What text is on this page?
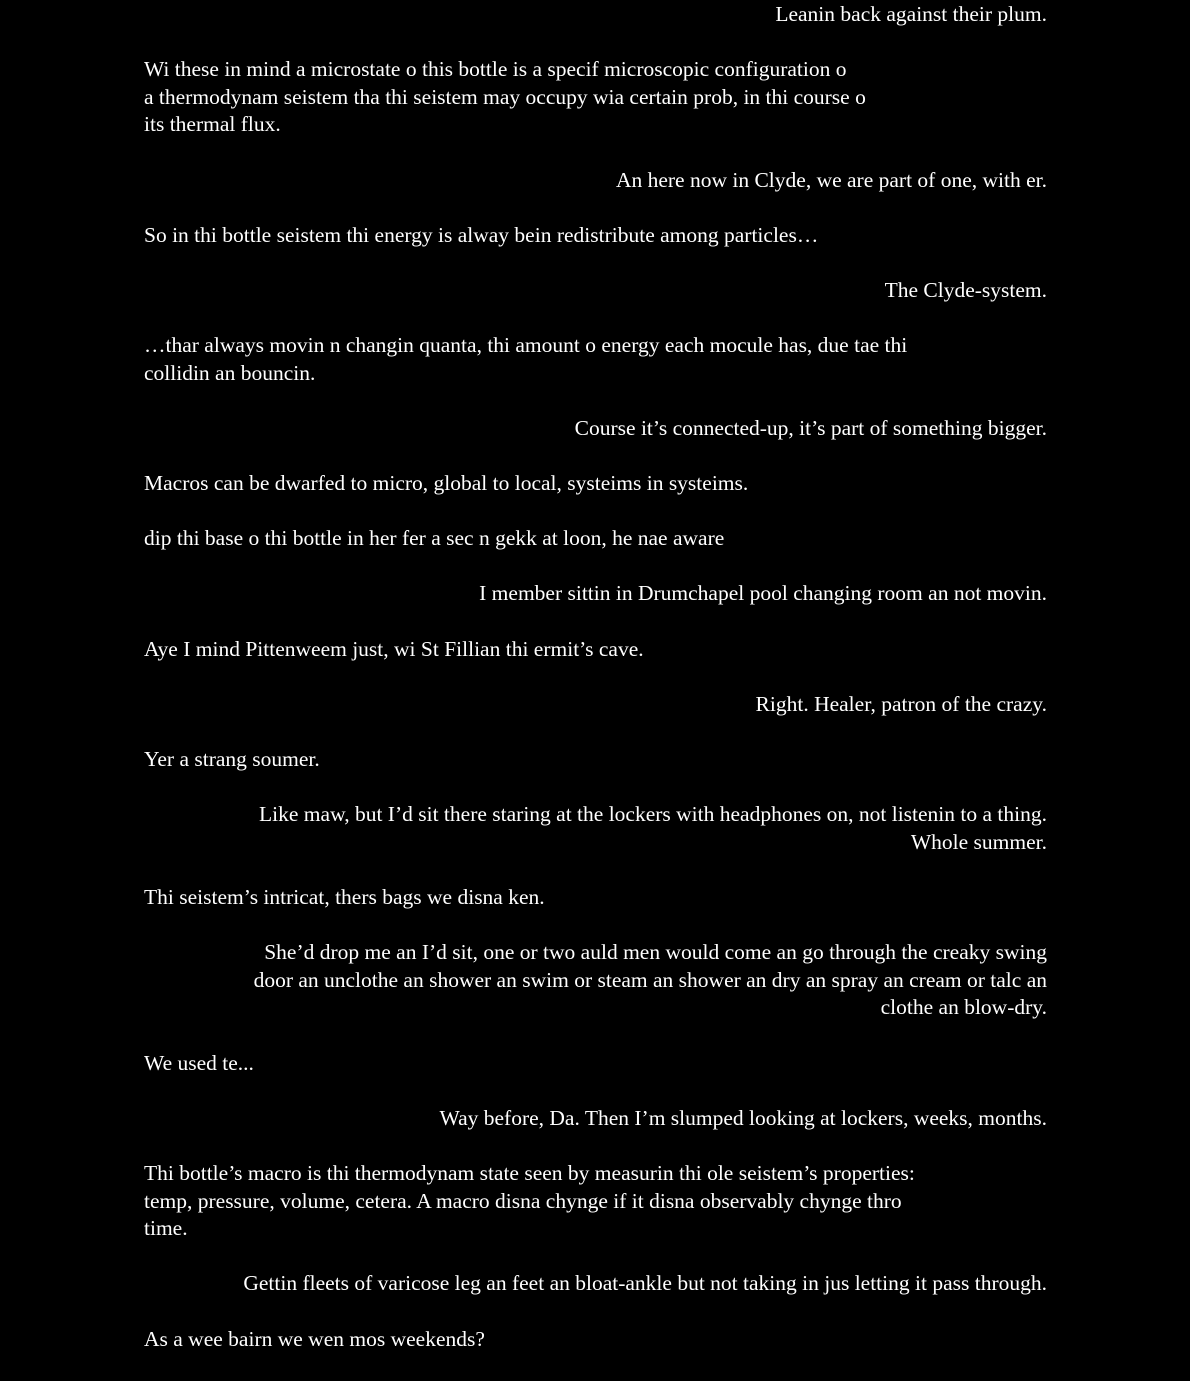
Leanin back against their plum.

Wi these in mind a microstate o this bottle is a specif microscopic configuration o
a thermodynam seistem tha thi seistem may occupy wia certain prob, in thi course o
its thermal flux.

An here now in Clyde, we are part of one, with er.

So in thi bottle seistem thi energy is alway bein redistribute among particles…

The Clyde-system.

…thar always movin n changin quanta, thi amount o energy each mocule has, due tae thi
collidin an bouncin.

Course it’s connected-up, it’s part of something bigger.

Macros can be dwarfed to micro, global to local, systeims in systeims.

dip thi base o thi bottle in her fer a sec n gekk at loon, he nae aware

I member sittin in Drumchapel pool changing room an not movin.

Aye I mind Pittenweem just, wi St Fillian thi ermit’s cave.

Right. Healer, patron of the crazy.

Yer a strang soumer.

Like maw, but I’d sit there staring at the lockers with headphones on, not listenin to a thing.
Whole summer.

Thi seistem’s intricat, thers bags we disna ken.

She’d drop me an I’d sit, one or two auld men would come an go through the creaky swing
door an unclothe an shower an swim or steam an shower an dry an spray an cream or talc an
clothe an blow-dry.

We used te...

Way before, Da. Then I’m slumped looking at lockers, weeks, months.

Thi bottle’s macro is thi thermodynam state seen by measurin thi ole seistem’s properties:
temp, pressure, volume, cetera. A macro disna chynge if it disna observably chynge thro
time.

Gettin fleets of varicose leg an feet an bloat-ankle but not taking in jus letting it pass through.

As a wee bairn we wen mos weekends?
